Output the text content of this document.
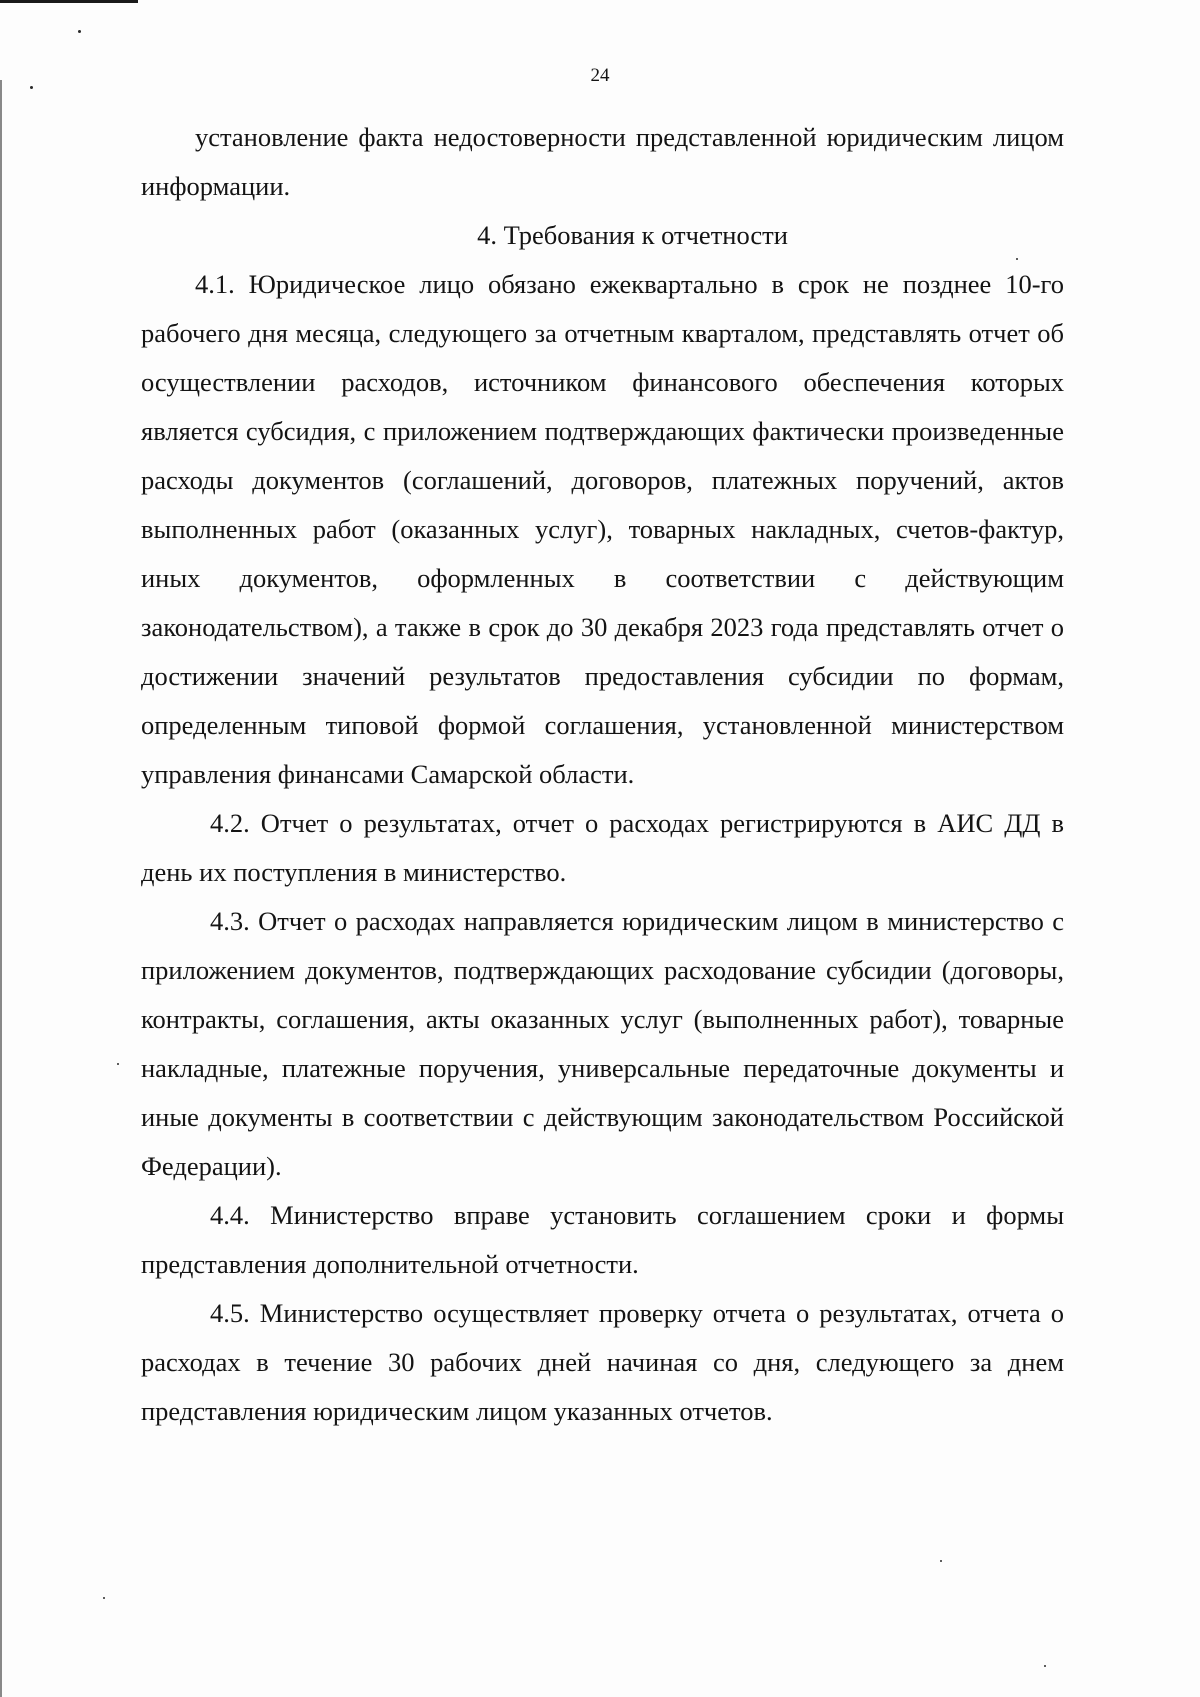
24

установление факта недостоверности представленной юридическим лицом информации.

4. Требования к отчетности

4.1. Юридическое лицо обязано ежеквартально в срок не позднее 10-го рабочего дня месяца, следующего за отчетным кварталом, представлять отчет об осуществлении расходов, источником финансового обеспечения которых является субсидия, с приложением подтверждающих фактически произведенные расходы документов (соглашений, договоров, платежных поручений, актов выполненных работ (оказанных услуг), товарных накладных, счетов-фактур, иных документов, оформленных в соответствии с действующим законодательством), а также в срок до 30 декабря 2023 года представлять отчет о достижении значений результатов предоставления субсидии по формам, определенным типовой формой соглашения, установленной министерством управления финансами Самарской области.

4.2. Отчет о результатах, отчет о расходах регистрируются в АИС ДД в день их поступления в министерство.

4.3. Отчет о расходах направляется юридическим лицом в министерство с приложением документов, подтверждающих расходование субсидии (договоры, контракты, соглашения, акты оказанных услуг (выполненных работ), товарные накладные, платежные поручения, универсальные передаточные документы и иные документы в соответствии с действующим законодательством Российской Федерации).

4.4. Министерство вправе установить соглашением сроки и формы представления дополнительной отчетности.

4.5. Министерство осуществляет проверку отчета о результатах, отчета о расходах в течение 30 рабочих дней начиная со дня, следующего за днем представления юридическим лицом указанных отчетов.
